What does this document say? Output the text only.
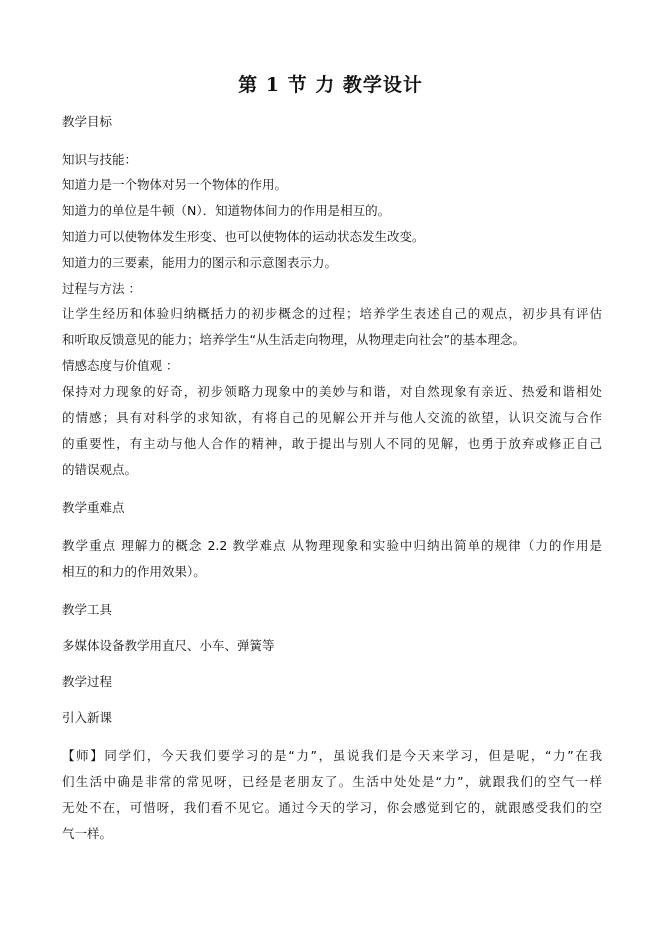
第 1 节 力 教学设计
教学目标
知识与技能：
知道力是一个物体对另一个物体的作用。
知道力的单位是牛顿（N）．知道物体间力的作用是相互的。
知道力可以使物体发生形变、也可以使物体的运动状态发生改变。
知道力的三要素，能用力的图示和示意图表示力。
过程与方法 ：
让学生经历和体验归纳概括力的初步概念的过程；培养学生表述自己的观点，初步具有评估
和听取反馈意见的能力；培养学生“从生活走向物理，从物理走向社会”的基本理念。
情感态度与价值观 ：
保持对力现象的好奇，初步领略力现象中的美妙与和谐，对自然现象有亲近、热爱和谐相处
的情感；具有对科学的求知欲，有将自己的见解公开并与他人交流的欲望，认识交流与合作
的重要性，有主动与他人合作的精神，敢于提出与别人不同的见解，也勇于放弃或修正自己
的错误观点。
教学重难点
教学重点 理解力的概念 2.2 教学难点 从物理现象和实验中归纳出简单的规律（力的作用是
相互的和力的作用效果）。
教学工具
多媒体设备教学用直尺、小车、弹簧等
教学过程
引入新课
【师】同学们，今天我们要学习的是“力”，虽说我们是今天来学习，但是呢，“力”在我
们生活中确是非常的常见呀，已经是老朋友了。生活中处处是“力”，就跟我们的空气一样
无处不在，可惜呀，我们看不见它。通过今天的学习，你会感觉到它的，就跟感受我们的空
气一样。
